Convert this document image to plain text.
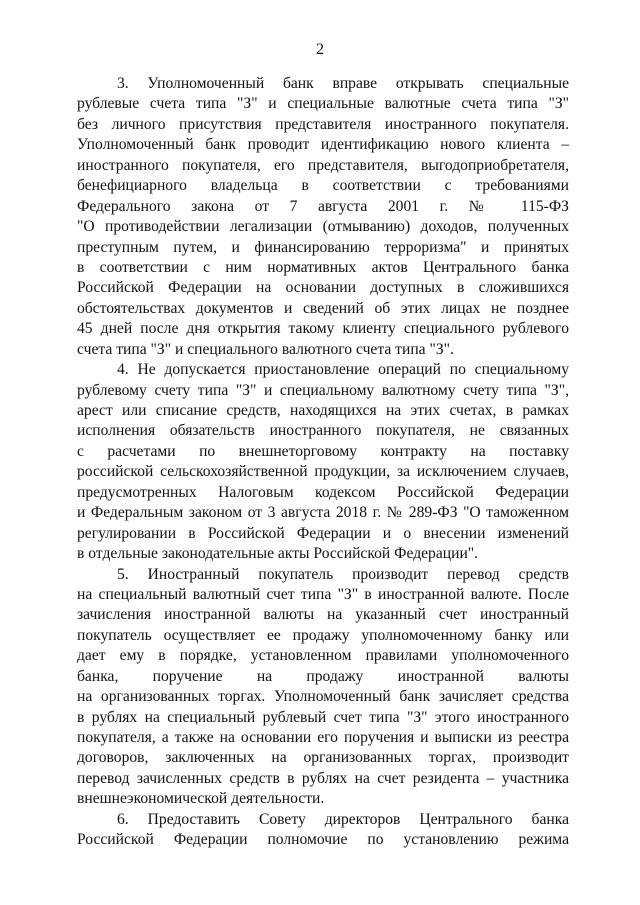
2
3. Уполномоченный банк вправе открывать специальные
рублевые счета типа "З" и специальные валютные счета типа "З"
без личного присутствия представителя иностранного покупателя.
Уполномоченный банк проводит идентификацию нового клиента –
иностранного покупателя, его представителя, выгодоприобретателя,
бенефициарного владельца в соответствии с требованиями
Федерального закона от 7 августа 2001 г. № 115-ФЗ
"О противодействии легализации (отмыванию) доходов, полученных
преступным путем, и финансированию терроризма" и принятых
в соответствии с ним нормативных актов Центрального банка
Российской Федерации на основании доступных в сложившихся
обстоятельствах документов и сведений об этих лицах не позднее
45 дней после дня открытия такому клиенту специального рублевого
счета типа "З" и специального валютного счета типа "З".
4. Не допускается приостановление операций по специальному
рублевому счету типа "З" и специальному валютному счету типа "З",
арест или списание средств, находящихся на этих счетах, в рамках
исполнения обязательств иностранного покупателя, не связанных
с расчетами по внешнеторговому контракту на поставку
российской сельскохозяйственной продукции, за исключением случаев,
предусмотренных Налоговым кодексом Российской Федерации
и Федеральным законом от 3 августа 2018 г. № 289-ФЗ "О таможенном
регулировании в Российской Федерации и о внесении изменений
в отдельные законодательные акты Российской Федерации".
5. Иностранный покупатель производит перевод средств
на специальный валютный счет типа "З" в иностранной валюте. После
зачисления иностранной валюты на указанный счет иностранный
покупатель осуществляет ее продажу уполномоченному банку или
дает ему в порядке, установленном правилами уполномоченного
банка, поручение на продажу иностранной валюты
на организованных торгах. Уполномоченный банк зачисляет средства
в рублях на специальный рублевый счет типа "З" этого иностранного
покупателя, а также на основании его поручения и выписки из реестра
договоров, заключенных на организованных торгах, производит
перевод зачисленных средств в рублях на счет резидента – участника
внешнеэкономической деятельности.
6. Предоставить Совету директоров Центрального банка
Российской Федерации полномочие по установлению режима
